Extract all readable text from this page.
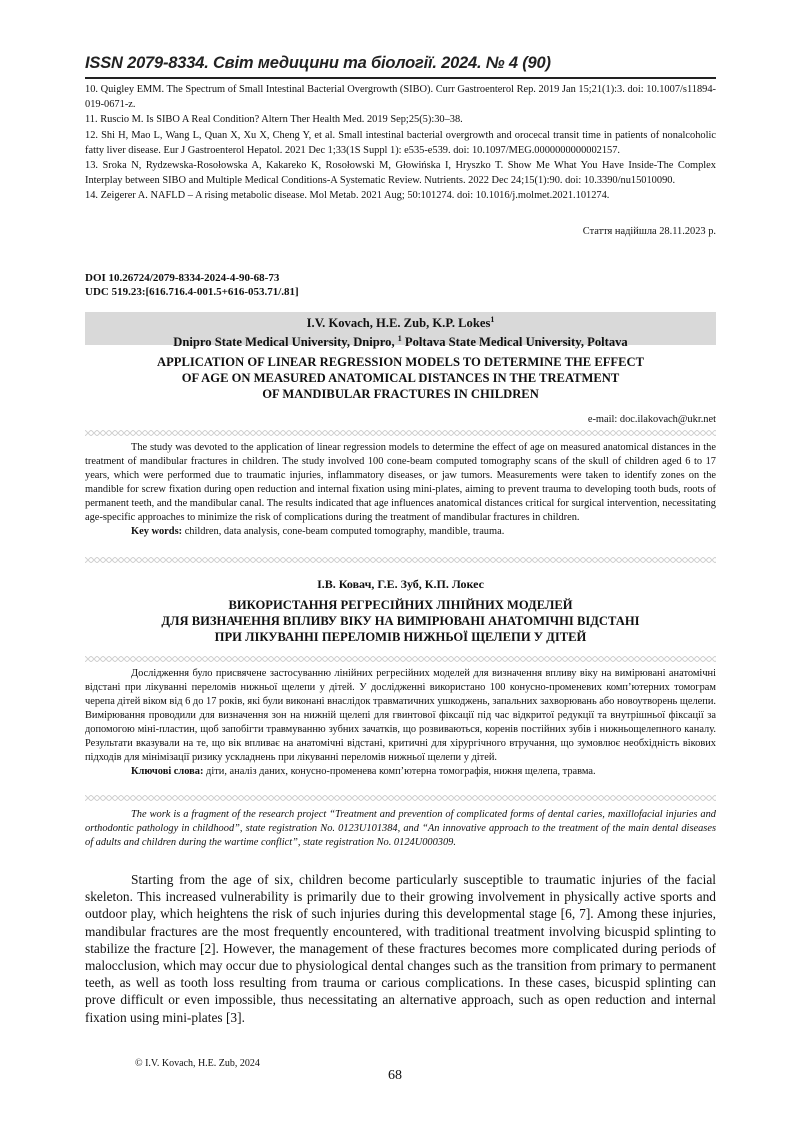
ISSN 2079-8334. Світ медицини та біології. 2024. № 4 (90)

10. Quigley EMM. The Spectrum of Small Intestinal Bacterial Overgrowth (SIBO). Curr Gastroenterol Rep. 2019 Jan 15;21(1):3. doi: 10.1007/s11894-019-0671-z.

11. Ruscio M. Is SIBO A Real Condition? Altern Ther Health Med. 2019 Sep;25(5):30–38.

12. Shi H, Mao L, Wang L, Quan X, Xu X, Cheng Y, et al. Small intestinal bacterial overgrowth and orocecal transit time in patients of nonalcoholic fatty liver disease. Eur J Gastroenterol Hepatol. 2021 Dec 1;33(1S Suppl 1): e535-e539. doi: 10.1097/MEG.0000000000002157.

13. Sroka N, Rydzewska-Rosołowska A, Kakareko K, Rosołowski M, Głowińska I, Hryszko T. Show Me What You Have Inside-The Complex Interplay between SIBO and Multiple Medical Conditions-A Systematic Review. Nutrients. 2022 Dec 24;15(1):90. doi: 10.3390/nu15010090.

14. Zeigerer A. NAFLD – A rising metabolic disease. Mol Metab. 2021 Aug; 50:101274. doi: 10.1016/j.molmet.2021.101274.

Стаття надійшла 28.11.2023 р.
DOI 10.26724/2079-8334-2024-4-90-68-73
UDC 519.23:[616.716.4-001.5+616-053.71/.81]
I.V. Kovach, H.E. Zub, K.P. Lokes$^1$
Dnipro State Medical University, Dnipro, $^1$ Poltava State Medical University, Poltava
APPLICATION OF LINEAR REGRESSION MODELS TO DETERMINE THE EFFECT
OF AGE ON MEASURED ANATOMICAL DISTANCES IN THE TREATMENT
OF MANDIBULAR FRACTURES IN CHILDREN
e-mail: doc.ilakovach@ukr.net

The study was devoted to the application of linear regression models to determine the effect of age on measured anatomical distances in the treatment of mandibular fractures in children. The study involved 100 cone-beam computed tomography scans of the skull of children aged 6 to 17 years, which were performed due to traumatic injuries, inflammatory diseases, or jaw tumors. Measurements were taken to identify zones on the mandible for screw fixation during open reduction and internal fixation using mini-plates, aiming to prevent trauma to developing tooth buds, roots of permanent teeth, and the mandibular canal. The results indicated that age influences anatomical distances critical for surgical intervention, necessitating age-specific approaches to minimize the risk of complications during the treatment of mandibular fractures in children.

Key words: children, data analysis, cone-beam computed tomography, mandible, trauma.
І.В. Ковач, Г.Е. Зуб, К.П. Локес
ВИКОРИСТАННЯ РЕГРЕСІЙНИХ ЛІНІЙНИХ МОДЕЛЕЙ
ДЛЯ ВИЗНАЧЕННЯ ВПЛИВУ ВІКУ НА ВИМІРЮВАНІ АНАТОМІЧНІ ВІДСТАНІ
ПРИ ЛІКУВАННІ ПЕРЕЛОМІВ НИЖНЬОЇ ЩЕЛЕПИ У ДІТЕЙ

Дослідження було присвячене застосуванню лінійних регресійних моделей для визначення впливу віку на вимірювані анатомічні відстані при лікуванні переломів нижньої щелепи у дітей. У дослідженні використано 100 конусно-променевих комп’ютерних томограм черепа дітей віком від 6 до 17 років, які були виконані внаслідок травматичних ушкоджень, запальних захворювань або новоутворень щелепи. Вимірювання проводили для визначення зон на нижній щелепі для гвинтової фіксації під час відкритої редукції та внутрішньої фіксації за допомогою міні-пластин, щоб запобігти травмуванню зубних зачатків, що розвиваються, коренів постійних зубів і нижньощелепного каналу. Результати вказували на те, що вік впливає на анатомічні відстані, критичні для хірургічного втручання, що зумовлює необхідність вікових підходів для мінімізації ризику ускладнень при лікуванні переломів нижньої щелепи у дітей.

Ключові слова: діти, аналіз даних, конусно-променева комп’ютерна томографія, нижня щелепа, травма.

The work is a fragment of the research project “Treatment and prevention of complicated forms of dental caries, maxillofacial injuries and orthodontic pathology in childhood”, state registration No. 0123U101384, and “An innovative approach to the treatment of the main dental diseases of adults and children during the wartime conflict”, state registration No. 0124U000309.

Starting from the age of six, children become particularly susceptible to traumatic injuries of the facial skeleton. This increased vulnerability is primarily due to their growing involvement in physically active sports and outdoor play, which heightens the risk of such injuries during this developmental stage [6, 7]. Among these injuries, mandibular fractures are the most frequently encountered, with traditional treatment involving bicuspid splinting to stabilize the fracture [2]. However, the management of these fractures becomes more complicated during periods of malocclusion, which may occur due to physiological dental changes such as the transition from primary to permanent teeth, as well as tooth loss resulting from trauma or carious complications. In these cases, bicuspid splinting can prove difficult or even impossible, thus necessitating an alternative approach, such as open reduction and internal fixation using mini-plates [3].

© I.V. Kovach, H.E. Zub, 2024
68
